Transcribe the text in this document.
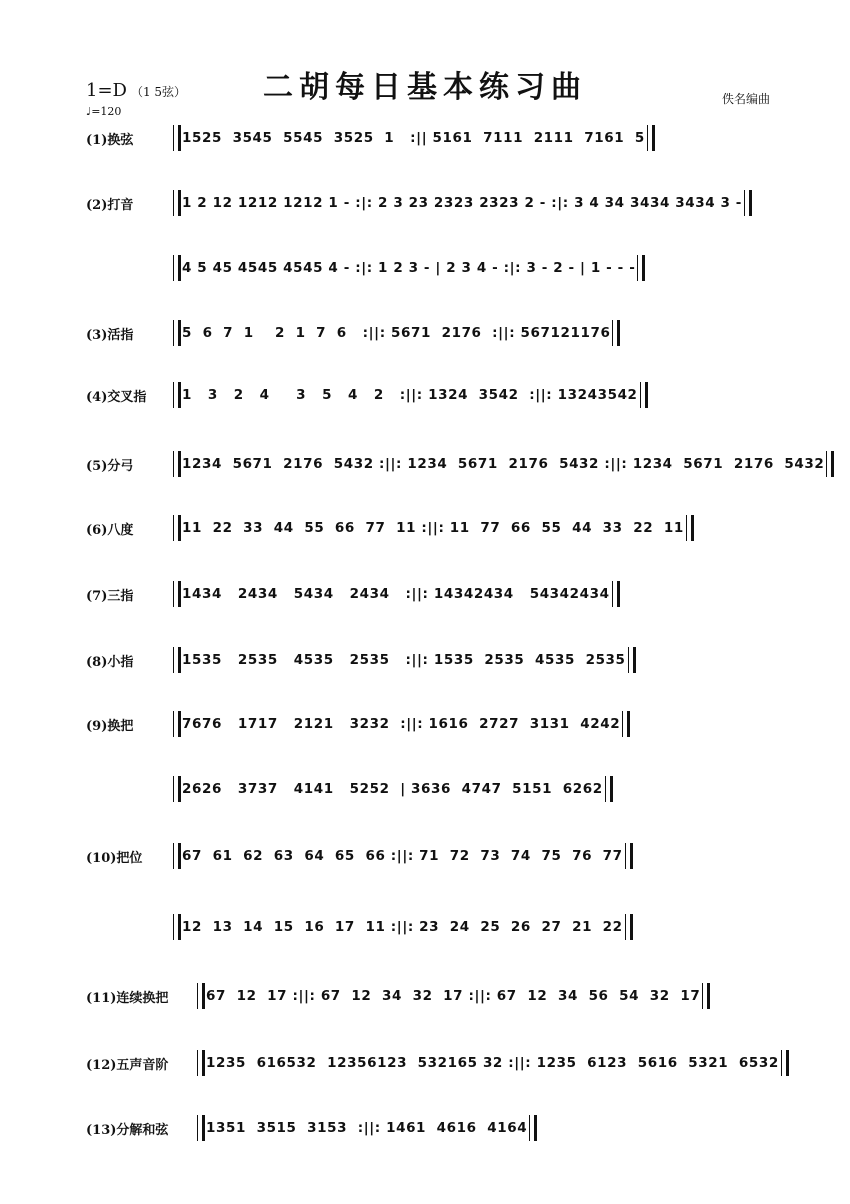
二胡每日基本练习曲
1=D （1 5弦）
♩=120
佚名编曲
(1)换弦	1525  3545  5545  3525  1   :|| 5161  7111  2111  7161  5
(2)打音	1 2 12 1212 1212 1 - :|: 2 3 23 2323 2323 2 - :|: 3 4 34 3434 3434 3 -
4 5 45 4545 4545 4 - :|: 1 2 3 - | 2 3 4 - :|: 3 - 2 - | 1 - - -
(3)活指	5  6  7  1    2  1  7  6   :||: 5671  2176  :||: 567121176
(4)交叉指	1   3   2   4     3   5   4   2   :||: 1324  3542  :||: 13243542
(5)分弓	1234  5671  2176  5432 :||: 1234  5671  2176  5432 :||: 1234  5671  2176  5432
(6)八度	11  22  33  44  55  66  77  11 :||: 11  77  66  55  44  33  22  11
(7)三指	1434   2434   5434   2434   :||: 14342434   54342434
(8)小指	1535   2535   4535   2535   :||: 1535  2535  4535  2535
(9)换把	7676   1717   2121   3232  :||: 1616  2727  3131  4242
2626   3737   4141   5252  | 3636  4747  5151  6262
(10)把位	67  61  62  63  64  65  66 :||: 71  72  73  74  75  76  77
12  13  14  15  16  17  11 :||: 23  24  25  26  27  21  22
(11)连续换把	67  12  17 :||: 67  12  34  32  17 :||: 67  12  34  56  54  32  17
(12)五声音阶	1235  616532  12356123  532165 32 :||: 1235  6123  5616  5321  6532
(13)分解和弦	1351  3515  3153  :||: 1461  4616  4164
